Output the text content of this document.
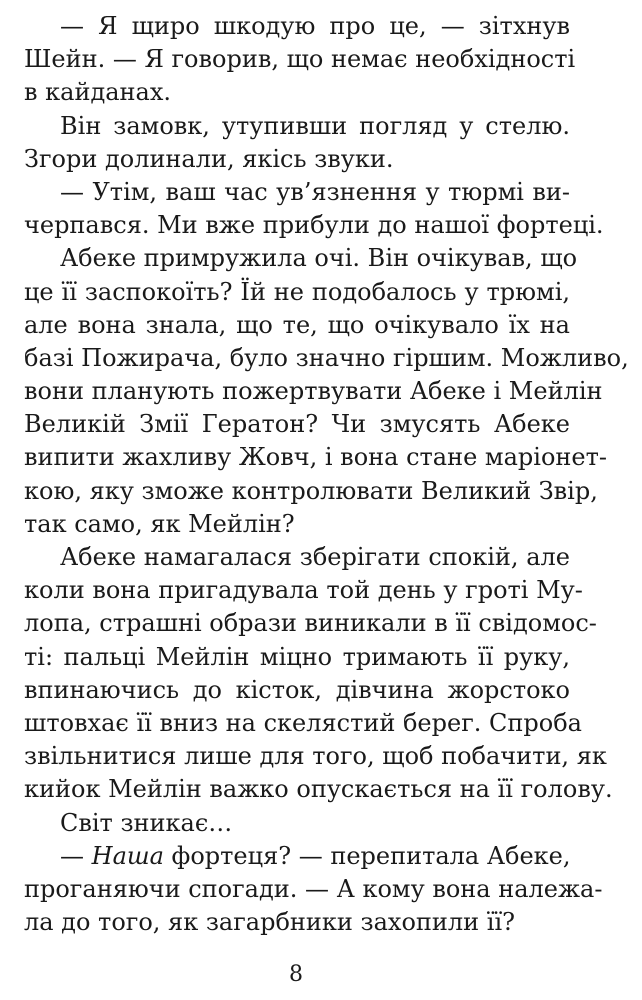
— Я щиро шкодую про це, — зітхнув
Шейн. — Я говорив, що немає необхідності
в кайданах.
Він замовк, утупивши погляд у стелю.
Згори долинали, якісь звуки.
— Утім, ваш час ув’язнення у тюрмі ви-
черпався. Ми вже прибули до нашої фортеці.
Абеке примружила очі. Він очікував, що
це її заспокоїть? Їй не подобалось у трюмі,
але вона знала, що те, що очікувало їх на
базі Пожирача, було значно гіршим. Можливо,
вони планують пожертвувати Абеке і Мейлін
Великій Змії Гератон? Чи змусять Абеке
випити жахливу Жовч, і вона стане маріонет-
кою, яку зможе контролювати Великий Звір,
так само, як Мейлін?
Абеке намагалася зберігати спокій, але
коли вона пригадувала той день у гроті Му-
лопа, страшні образи виникали в її свідомос-
ті: пальці Мейлін міцно тримають її руку,
впинаючись до кісток, дівчина жорстоко
штовхає її вниз на скелястий берег. Спроба
звільнитися лише для того, щоб побачити, як
кийок Мейлін важко опускається на її голову.
Світ зникає…
— Наша фортеця? — перепитала Абеке,
проганяючи спогади. — А кому вона належа-
ла до того, як загарбники захопили її?
8
